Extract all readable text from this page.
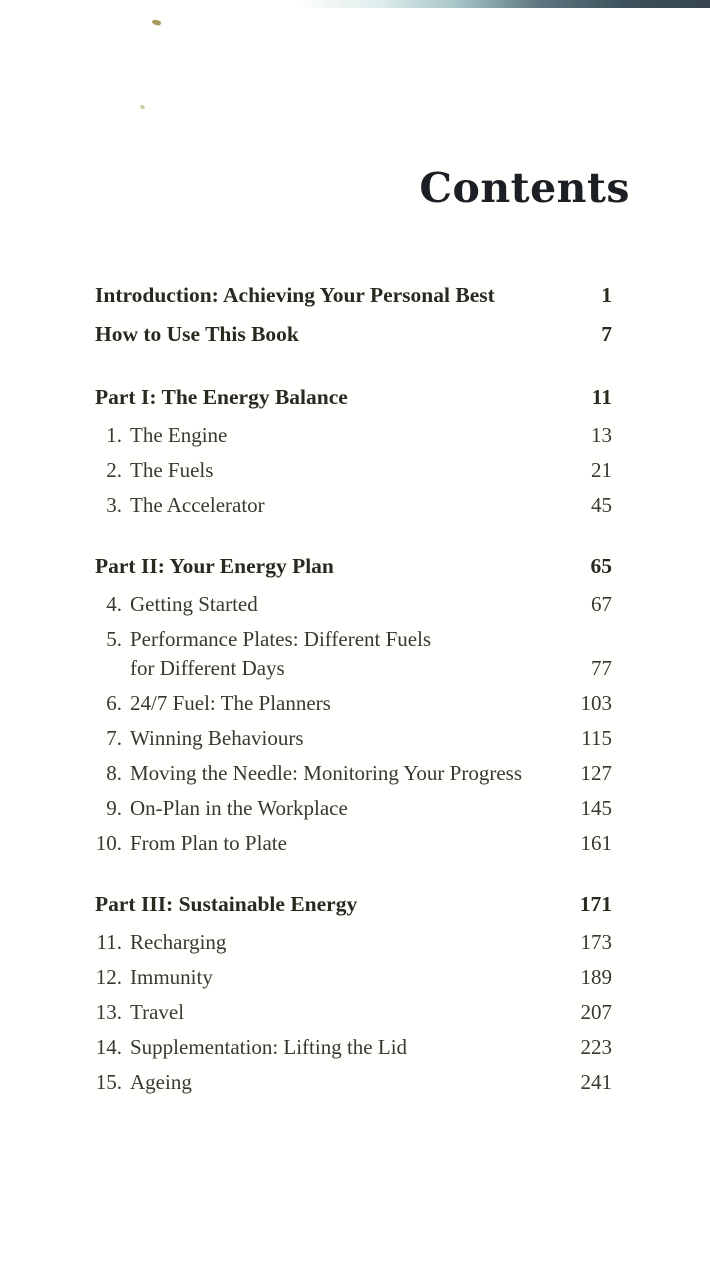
Contents
Introduction: Achieving Your Personal Best	1
How to Use This Book	7
Part I: The Energy Balance	11
1. The Engine	13
2. The Fuels	21
3. The Accelerator	45
Part II: Your Energy Plan	65
4. Getting Started	67
5. Performance Plates: Different Fuels
for Different Days	77
6. 24/7 Fuel: The Planners	103
7. Winning Behaviours	115
8. Moving the Needle: Monitoring Your Progress	127
9. On-Plan in the Workplace	145
10. From Plan to Plate	161
Part III: Sustainable Energy	171
11. Recharging	173
12. Immunity	189
13. Travel	207
14. Supplementation: Lifting the Lid	223
15. Ageing	241
